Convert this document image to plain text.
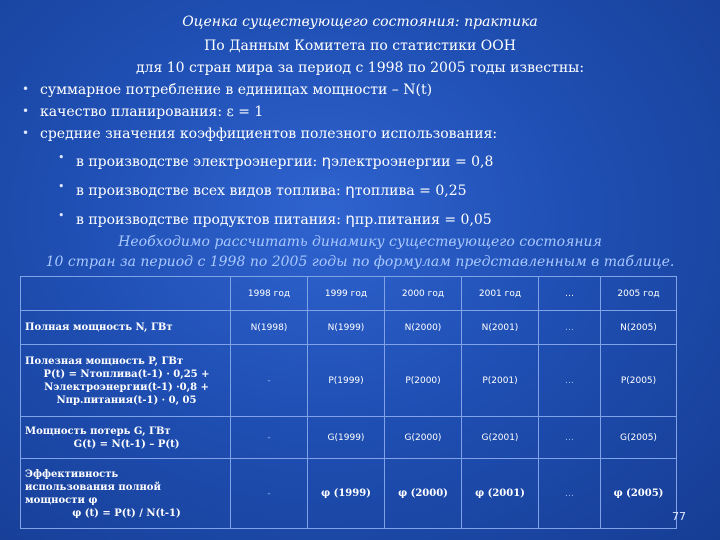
Оценка существующего состояния: практика
По Данным Комитета по статистики ООН
для 10 стран мира за период с 1998 по 2005 годы известны:
• суммарное потребление в единицах мощности – N(t)
• качество планирования: ε = 1
• средние значения коэффициентов полезного использования:
• в производстве электроэнергии: ηэлектроэнергии = 0,8
• в производстве всех видов топлива: ηтоплива = 0,25
• в производстве продуктов питания: ηпр.питания = 0,05
Необходимо рассчитать динамику существующего состояния
10 стран за период с 1998 по 2005 годы по формулам представленным в таблице.
	1998 год	1999 год	2000 год	2001 год	…	2005 год
Полная мощность N, ГВт	N(1998)	N(1999)	N(2000)	N(2001)	…	N(2005)

Полезная мощность P, ГВт
P(t) = Nтоплива(t-1) · 0,25 +
Nэлектроэнергии(t-1) ·0,8 +
Nпр.питания(t-1) · 0, 05	-	P(1999)	P(2000)	P(2001)	…	P(2005)

Мощность потерь G, ГВт
G(t) = N(t-1) – P(t)	-	G(1999)	G(2000)	G(2001)	…	G(2005)

Эффективность
использования полной
мощности φ
φ (t) = P(t) / N(t-1)	-	φ (1999)	φ (2000)	φ (2001)	…	φ (2005)
77
